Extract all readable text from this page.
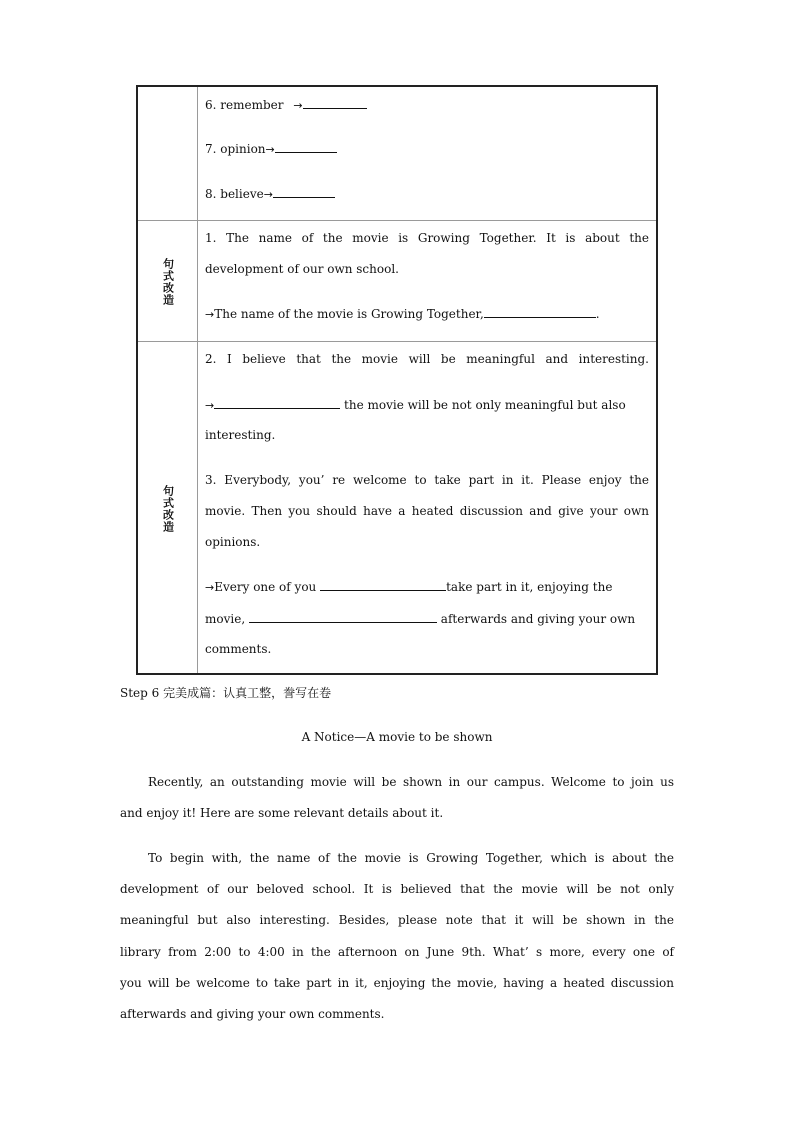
6. remember →
7. opinion→
8. believe→
句式改造
1. The name of the movie is Growing Together. It is about the
development of our own school.
→The name of the movie is Growing Together,	.
句式改造
2. I believe that the movie will be meaningful and interesting.
→	the movie will be not only meaningful but also
interesting.
3. Everybody, you’ re welcome to take part in it. Please enjoy the
movie. Then you should have a heated discussion and give your own
opinions.
→Every one of you	take part in it, enjoying the
movie,	afterwards and giving your own
comments.
Step 6 完美成篇：认真工整，誊写在卷
A Notice—A movie to be shown
Recently, an outstanding movie will be shown in our campus. Welcome to join us
and enjoy it! Here are some relevant details about it.
To begin with, the name of the movie is Growing Together, which is about the
development of our beloved school. It is believed that the movie will be not only
meaningful but also interesting. Besides, please note that it will be shown in the
library from 2:00 to 4:00 in the afternoon on June 9th. What’ s more, every one of
you will be welcome to take part in it, enjoying the movie, having a heated discussion
afterwards and giving your own comments.
